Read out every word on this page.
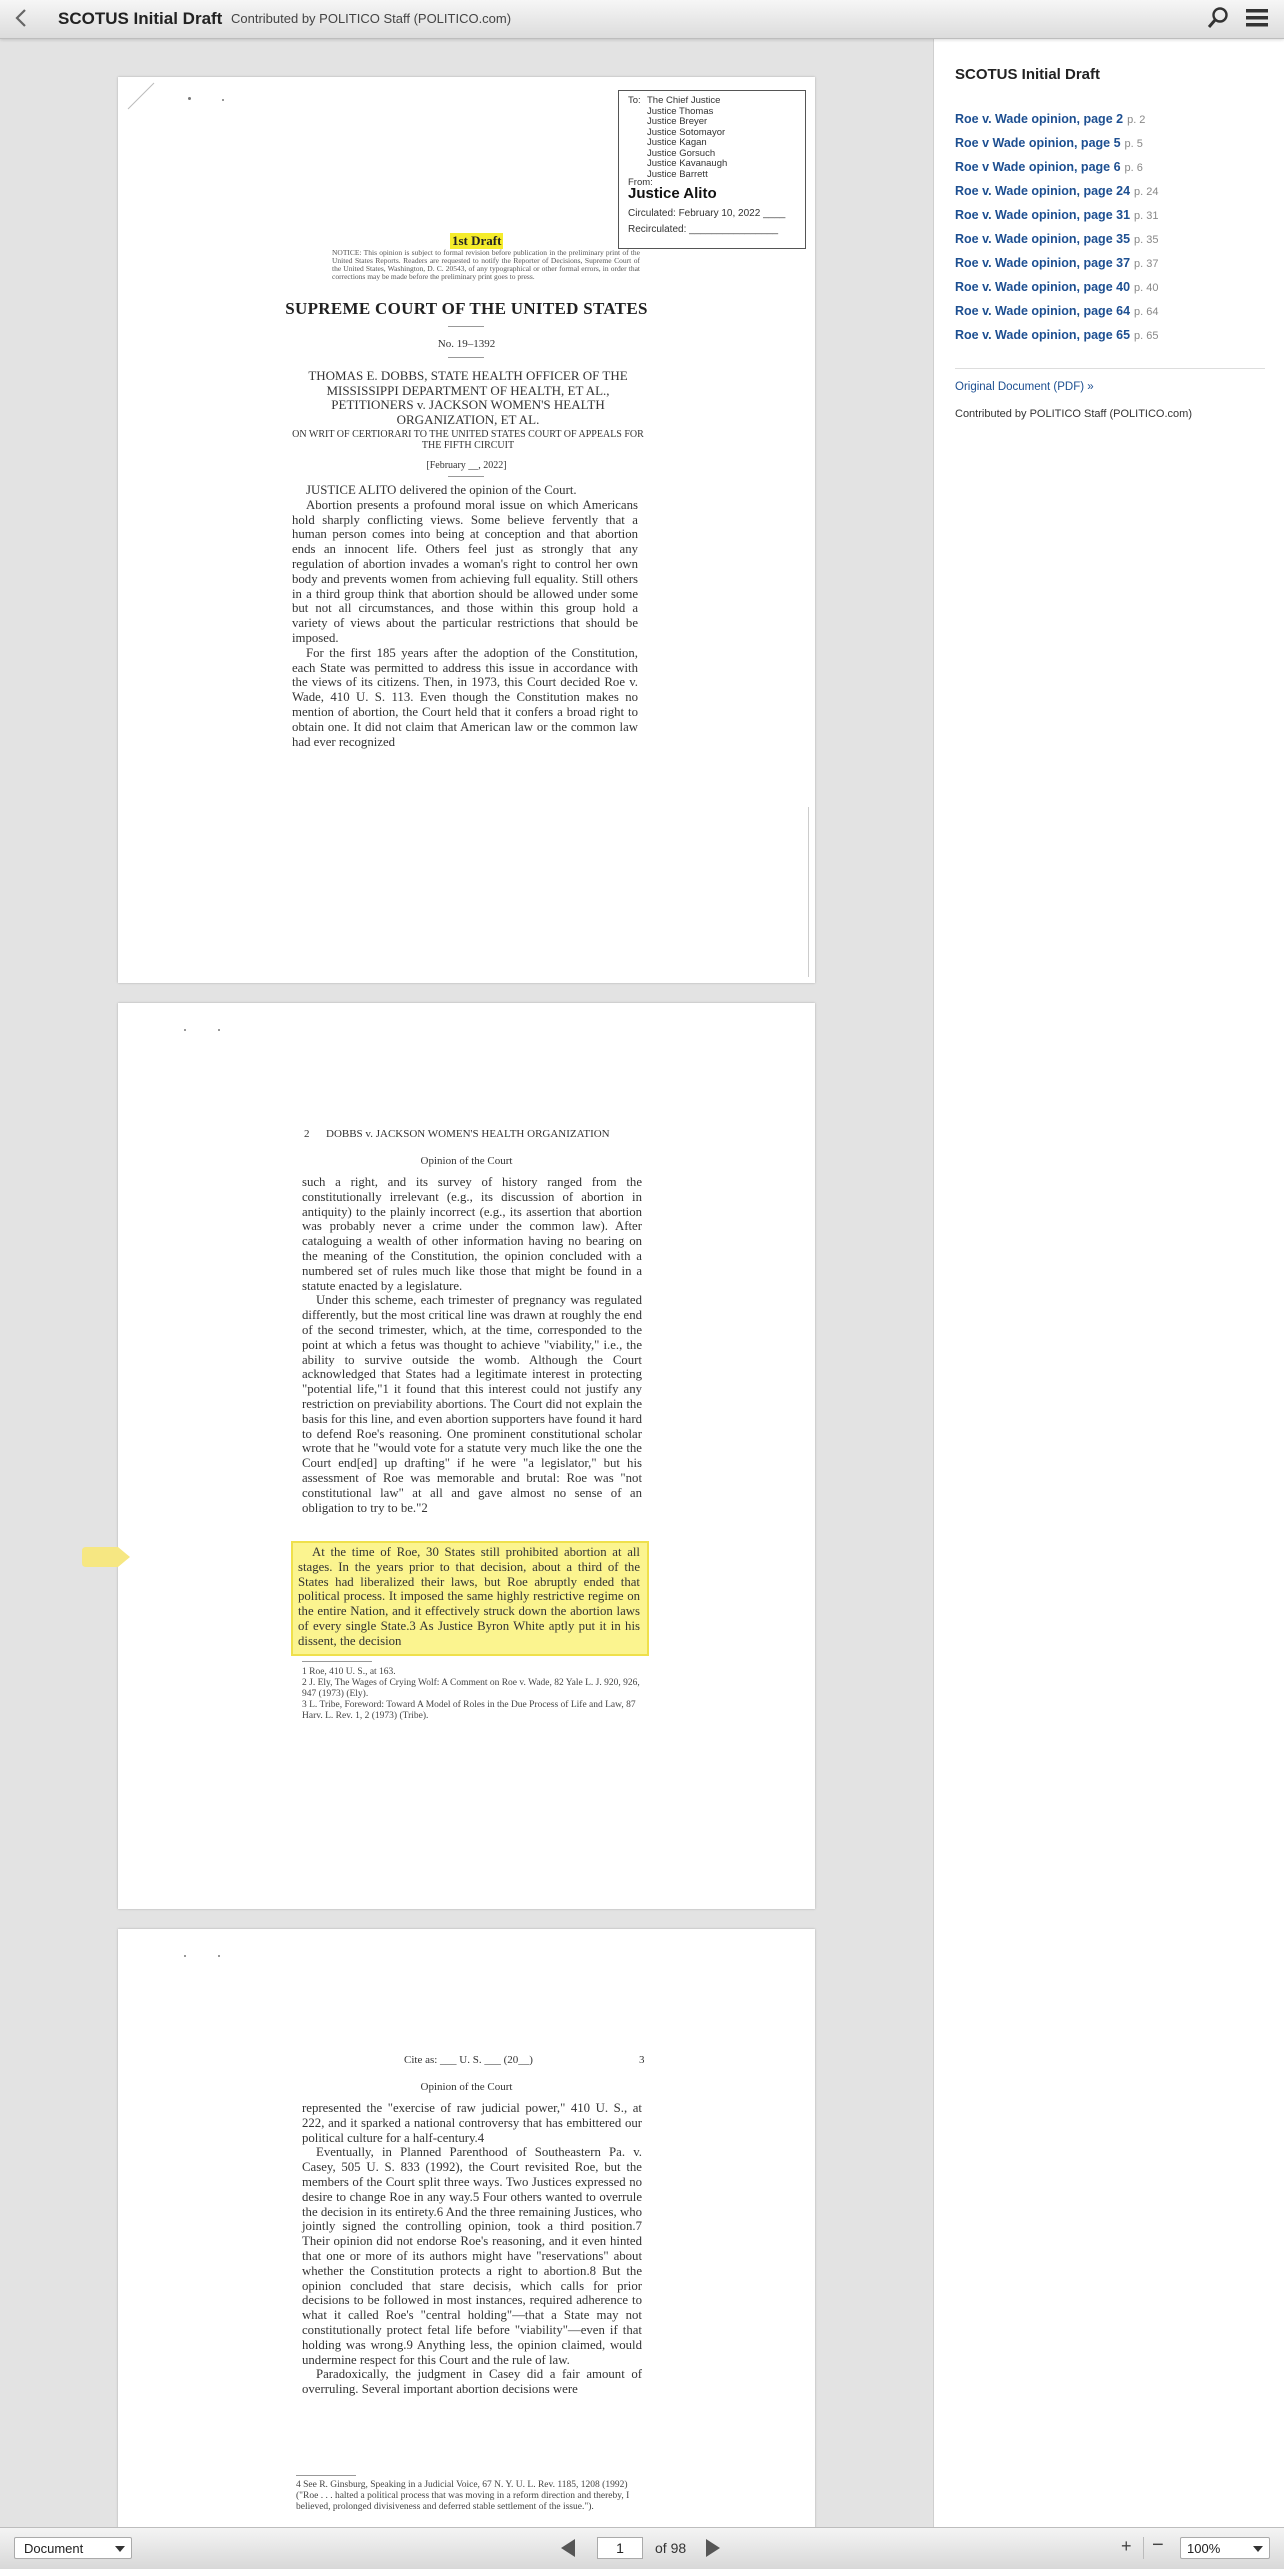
SCOTUS Initial Draft Contributed by POLITICO Staff (POLITICO.com)
To: The Chief Justice
Justice Thomas
Justice Breyer
Justice Sotomayor
Justice Kagan
Justice Gorsuch
Justice Kavanaugh
Justice Barrett
From:
Justice Alito
Circulated: February 10, 2022 ____
Recirculated: ________________
1st Draft
NOTICE: This opinion is subject to formal revision before publication in the preliminary print of the United States Reports. Readers are requested to notify the Reporter of Decisions, Supreme Court of the United States, Washington, D. C. 20543, of any typographical or other formal errors, in order that corrections may be made before the preliminary print goes to press.
SUPREME COURT OF THE UNITED STATES
No. 19–1392
THOMAS E. DOBBS, STATE HEALTH OFFICER OF THE MISSISSIPPI DEPARTMENT OF HEALTH, ET AL., PETITIONERS v. JACKSON WOMEN'S HEALTH ORGANIZATION, ET AL.
ON WRIT OF CERTIORARI TO THE UNITED STATES COURT OF APPEALS FOR THE FIFTH CIRCUIT
[February __, 2022]

JUSTICE ALITO delivered the opinion of the Court.

Abortion presents a profound moral issue on which Americans hold sharply conflicting views. Some believe fervently that a human person comes into being at conception and that abortion ends an innocent life. Others feel just as strongly that any regulation of abortion invades a woman's right to control her own body and prevents women from achieving full equality. Still others in a third group think that abortion should be allowed under some but not all circumstances, and those within this group hold a variety of views about the particular restrictions that should be imposed.

For the first 185 years after the adoption of the Constitution, each State was permitted to address this issue in accordance with the views of its citizens. Then, in 1973, this Court decided Roe v. Wade, 410 U. S. 113. Even though the Constitution makes no mention of abortion, the Court held that it confers a broad right to obtain one. It did not claim that American law or the common law had ever recognized

2      DOBBS v. JACKSON WOMEN'S HEALTH ORGANIZATION
Opinion of the Court

such a right, and its survey of history ranged from the constitutionally irrelevant (e.g., its discussion of abortion in antiquity) to the plainly incorrect (e.g., its assertion that abortion was probably never a crime under the common law). After cataloguing a wealth of other information having no bearing on the meaning of the Constitution, the opinion concluded with a numbered set of rules much like those that might be found in a statute enacted by a legislature.

Under this scheme, each trimester of pregnancy was regulated differently, but the most critical line was drawn at roughly the end of the second trimester, which, at the time, corresponded to the point at which a fetus was thought to achieve "viability," i.e., the ability to survive outside the womb. Although the Court acknowledged that States had a legitimate interest in protecting "potential life,"1 it found that this interest could not justify any restriction on previability abortions. The Court did not explain the basis for this line, and even abortion supporters have found it hard to defend Roe's reasoning. One prominent constitutional scholar wrote that he "would vote for a statute very much like the one the Court end[ed] up drafting" if he were "a legislator," but his assessment of Roe was memorable and brutal: Roe was "not constitutional law" at all and gave almost no sense of an obligation to try to be."2

At the time of Roe, 30 States still prohibited abortion at all stages. In the years prior to that decision, about a third of the States had liberalized their laws, but Roe abruptly ended that political process. It imposed the same highly restrictive regime on the entire Nation, and it effectively struck down the abortion laws of every single State.3 As Justice Byron White aptly put it in his dissent, the decision

1 Roe, 410 U. S., at 163.
2 J. Ely, The Wages of Crying Wolf: A Comment on Roe v. Wade, 82 Yale L. J. 920, 926, 947 (1973) (Ely).
3 L. Tribe, Foreword: Toward A Model of Roles in the Due Process of Life and Law, 87 Harv. L. Rev. 1, 2 (1973) (Tribe).
Cite as: ___ U. S. ___ (20__)	3
Opinion of the Court

represented the "exercise of raw judicial power," 410 U. S., at 222, and it sparked a national controversy that has embittered our political culture for a half-century.4

Eventually, in Planned Parenthood of Southeastern Pa. v. Casey, 505 U. S. 833 (1992), the Court revisited Roe, but the members of the Court split three ways. Two Justices expressed no desire to change Roe in any way.5 Four others wanted to overrule the decision in its entirety.6 And the three remaining Justices, who jointly signed the controlling opinion, took a third position.7 Their opinion did not endorse Roe's reasoning, and it even hinted that one or more of its authors might have "reservations" about whether the Constitution protects a right to abortion.8 But the opinion concluded that stare decisis, which calls for prior decisions to be followed in most instances, required adherence to what it called Roe's "central holding"—that a State may not constitutionally protect fetal life before "viability"—even if that holding was wrong.9 Anything less, the opinion claimed, would undermine respect for this Court and the rule of law.

Paradoxically, the judgment in Casey did a fair amount of overruling. Several important abortion decisions were

4 See R. Ginsburg, Speaking in a Judicial Voice, 67 N. Y. U. L. Rev. 1185, 1208 (1992) ("Roe . . . halted a political process that was moving in a reform direction and thereby, I believed, prolonged divisiveness and deferred stable settlement of the issue.").
SCOTUS Initial Draft
Roe v. Wade opinion, page 2 p. 2
Roe v Wade opinion, page 5 p. 5
Roe v Wade opinion, page 6 p. 6
Roe v. Wade opinion, page 24 p. 24
Roe v. Wade opinion, page 31 p. 31
Roe v. Wade opinion, page 35 p. 35
Roe v. Wade opinion, page 37 p. 37
Roe v. Wade opinion, page 40 p. 40
Roe v. Wade opinion, page 64 p. 64
Roe v. Wade opinion, page 65 p. 65
Original Document (PDF) »
Contributed by POLITICO Staff (POLITICO.com)
Document
1	of 98	+ −	100%
